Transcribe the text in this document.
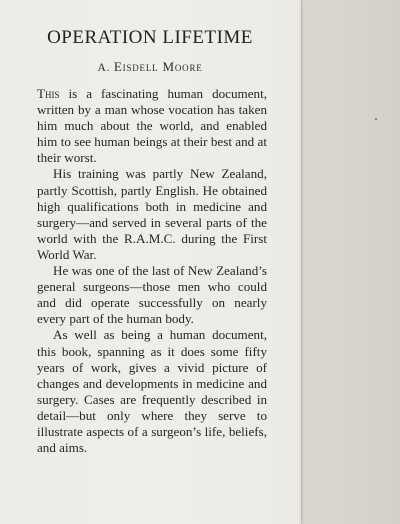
OPERATION LIFETIME
A. Eisdell Moore

This is a fascinating human document, written by a man whose vocation has taken him much about the world, and enabled him to see human beings at their best and at their worst.

His training was partly New Zealand, partly Scottish, partly English. He obtained high qualifications both in medicine and surgery—and served in several parts of the world with the R.A.M.C. during the First World War.

He was one of the last of New Zealand’s general surgeons—those men who could and did operate successfully on nearly every part of the human body.

As well as being a human document, this book, spanning as it does some fifty years of work, gives a vivid picture of changes and developments in medicine and surgery. Cases are frequently described in detail—but only where they serve to illustrate aspects of a surgeon’s life, beliefs, and aims.
